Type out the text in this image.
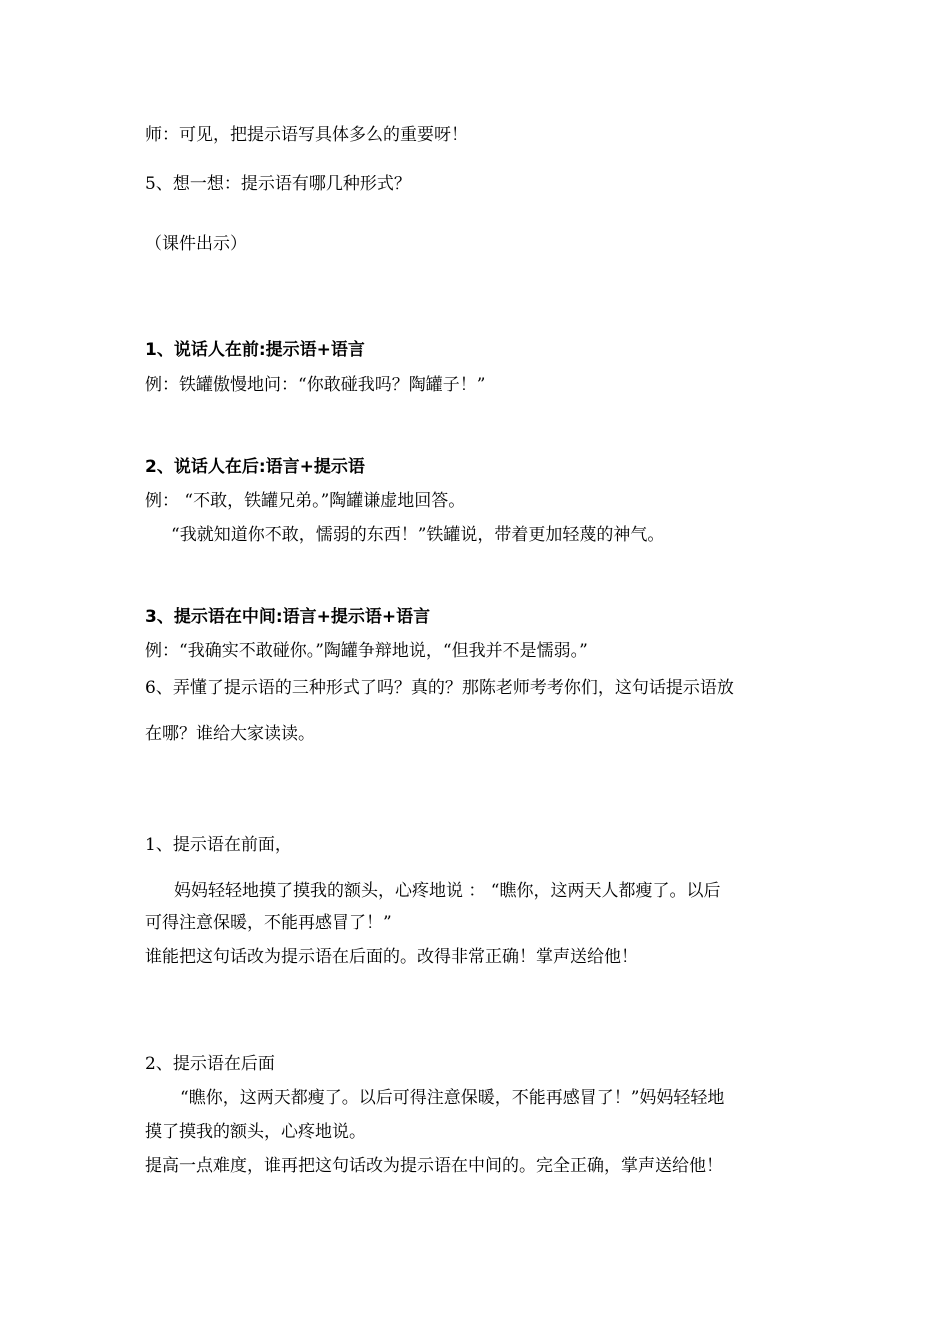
师：可见，把提示语写具体多么的重要呀！
5、想一想：提示语有哪几种形式？
（课件出示）
1、说话人在前:提示语+语言
例：铁罐傲慢地问：“你敢碰我吗？陶罐子！”
2、说话人在后:语言+提示语
例： “不敢，铁罐兄弟。”陶罐谦虚地回答。
“我就知道你不敢，懦弱的东西！”铁罐说，带着更加轻蔑的神气。
3、提示语在中间:语言+提示语+语言
例：“我确实不敢碰你。”陶罐争辩地说，“但我并不是懦弱。”
6、弄懂了提示语的三种形式了吗？真的？那陈老师考考你们，这句话提示语放
在哪？谁给大家读读。
1、提示语在前面，
妈妈轻轻地摸了摸我的额头，心疼地说 ： “瞧你，这两天人都瘦了。以后
可得注意保暖，不能再感冒了！”
谁能把这句话改为提示语在后面的。改得非常正确！掌声送给他！
2、提示语在后面
“瞧你，这两天都瘦了。以后可得注意保暖，不能再感冒了！”妈妈轻轻地
摸了摸我的额头，心疼地说。
提高一点难度，谁再把这句话改为提示语在中间的。完全正确，掌声送给他！
